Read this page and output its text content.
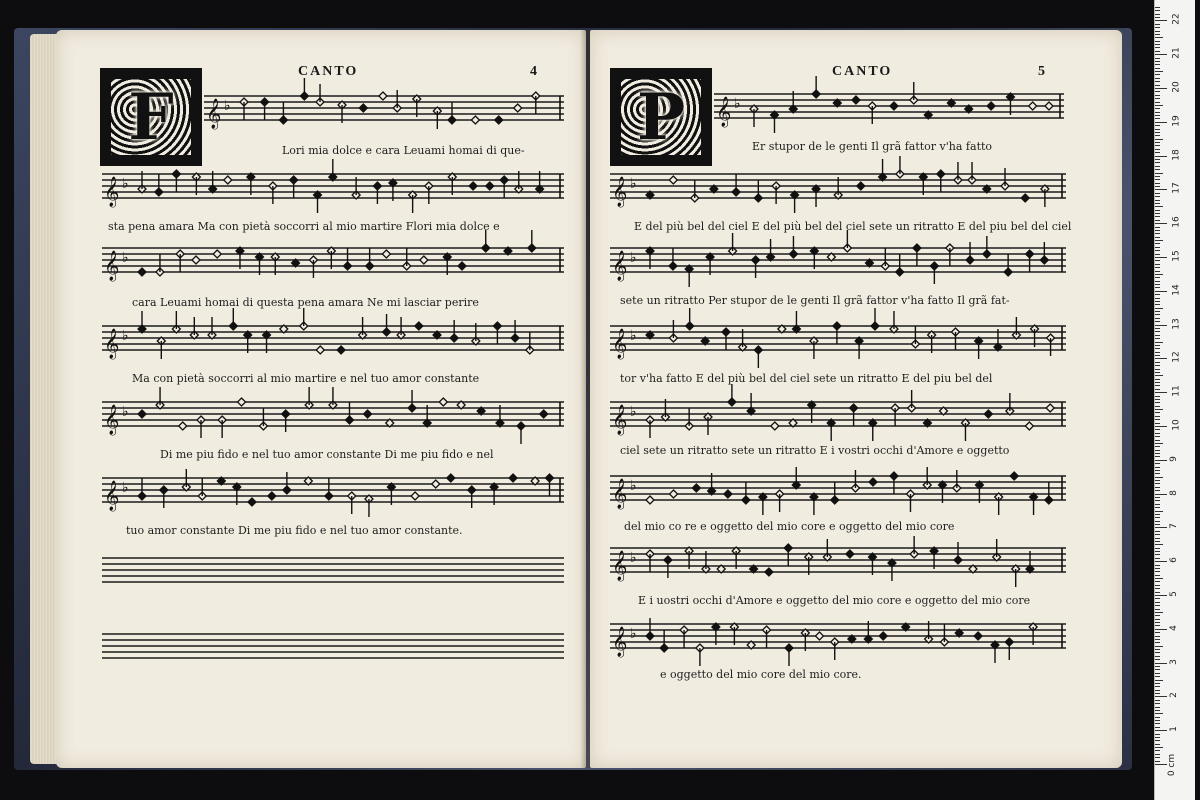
CANTO	4
F	𝄞 ♭
Lori mia dolce e cara Leuami homai di que-
𝄞 ♭
sta pena amara Ma con pietà soccorri al mio martire Flori mia dolce e
𝄞 ♭
cara Leuami homai di questa pena amara Ne mi lasciar perire
𝄞 ♭
Ma con pietà soccorri al mio martire e nel tuo amor constante
𝄞 ♭
Di me piu fido e nel tuo amor constante Di me piu fido e nel
𝄞 ♭
tuo amor constante Di me piu fido e nel tuo amor constante.
CANTO	5
P	𝄞 ♭
Er stupor de le genti Il grã fattor v'ha fatto
𝄞 ♭
E del più bel del ciel E del più bel del ciel sete un ritratto E del piu bel del ciel
𝄞 ♭
sete un ritratto Per stupor de le genti Il grã fattor v'ha fatto Il grã fat-
𝄞 ♭
tor v'ha fatto E del più bel del ciel sete un ritratto E del piu bel del
𝄞 ♭
ciel sete un ritratto sete un ritratto E i vostri occhi d'Amore e oggetto
𝄞 ♭
del mio co re e oggetto del mio core e oggetto del mio core
𝄞 ♭
E i uostri occhi d'Amore e oggetto del mio core e oggetto del mio core
𝄞 ♭
e oggetto del mio core del mio core.
0 cm
1
2
3
4
5
6
7
8
9
10
11
12
13
14
15
16
17
18
19
20
21
22
